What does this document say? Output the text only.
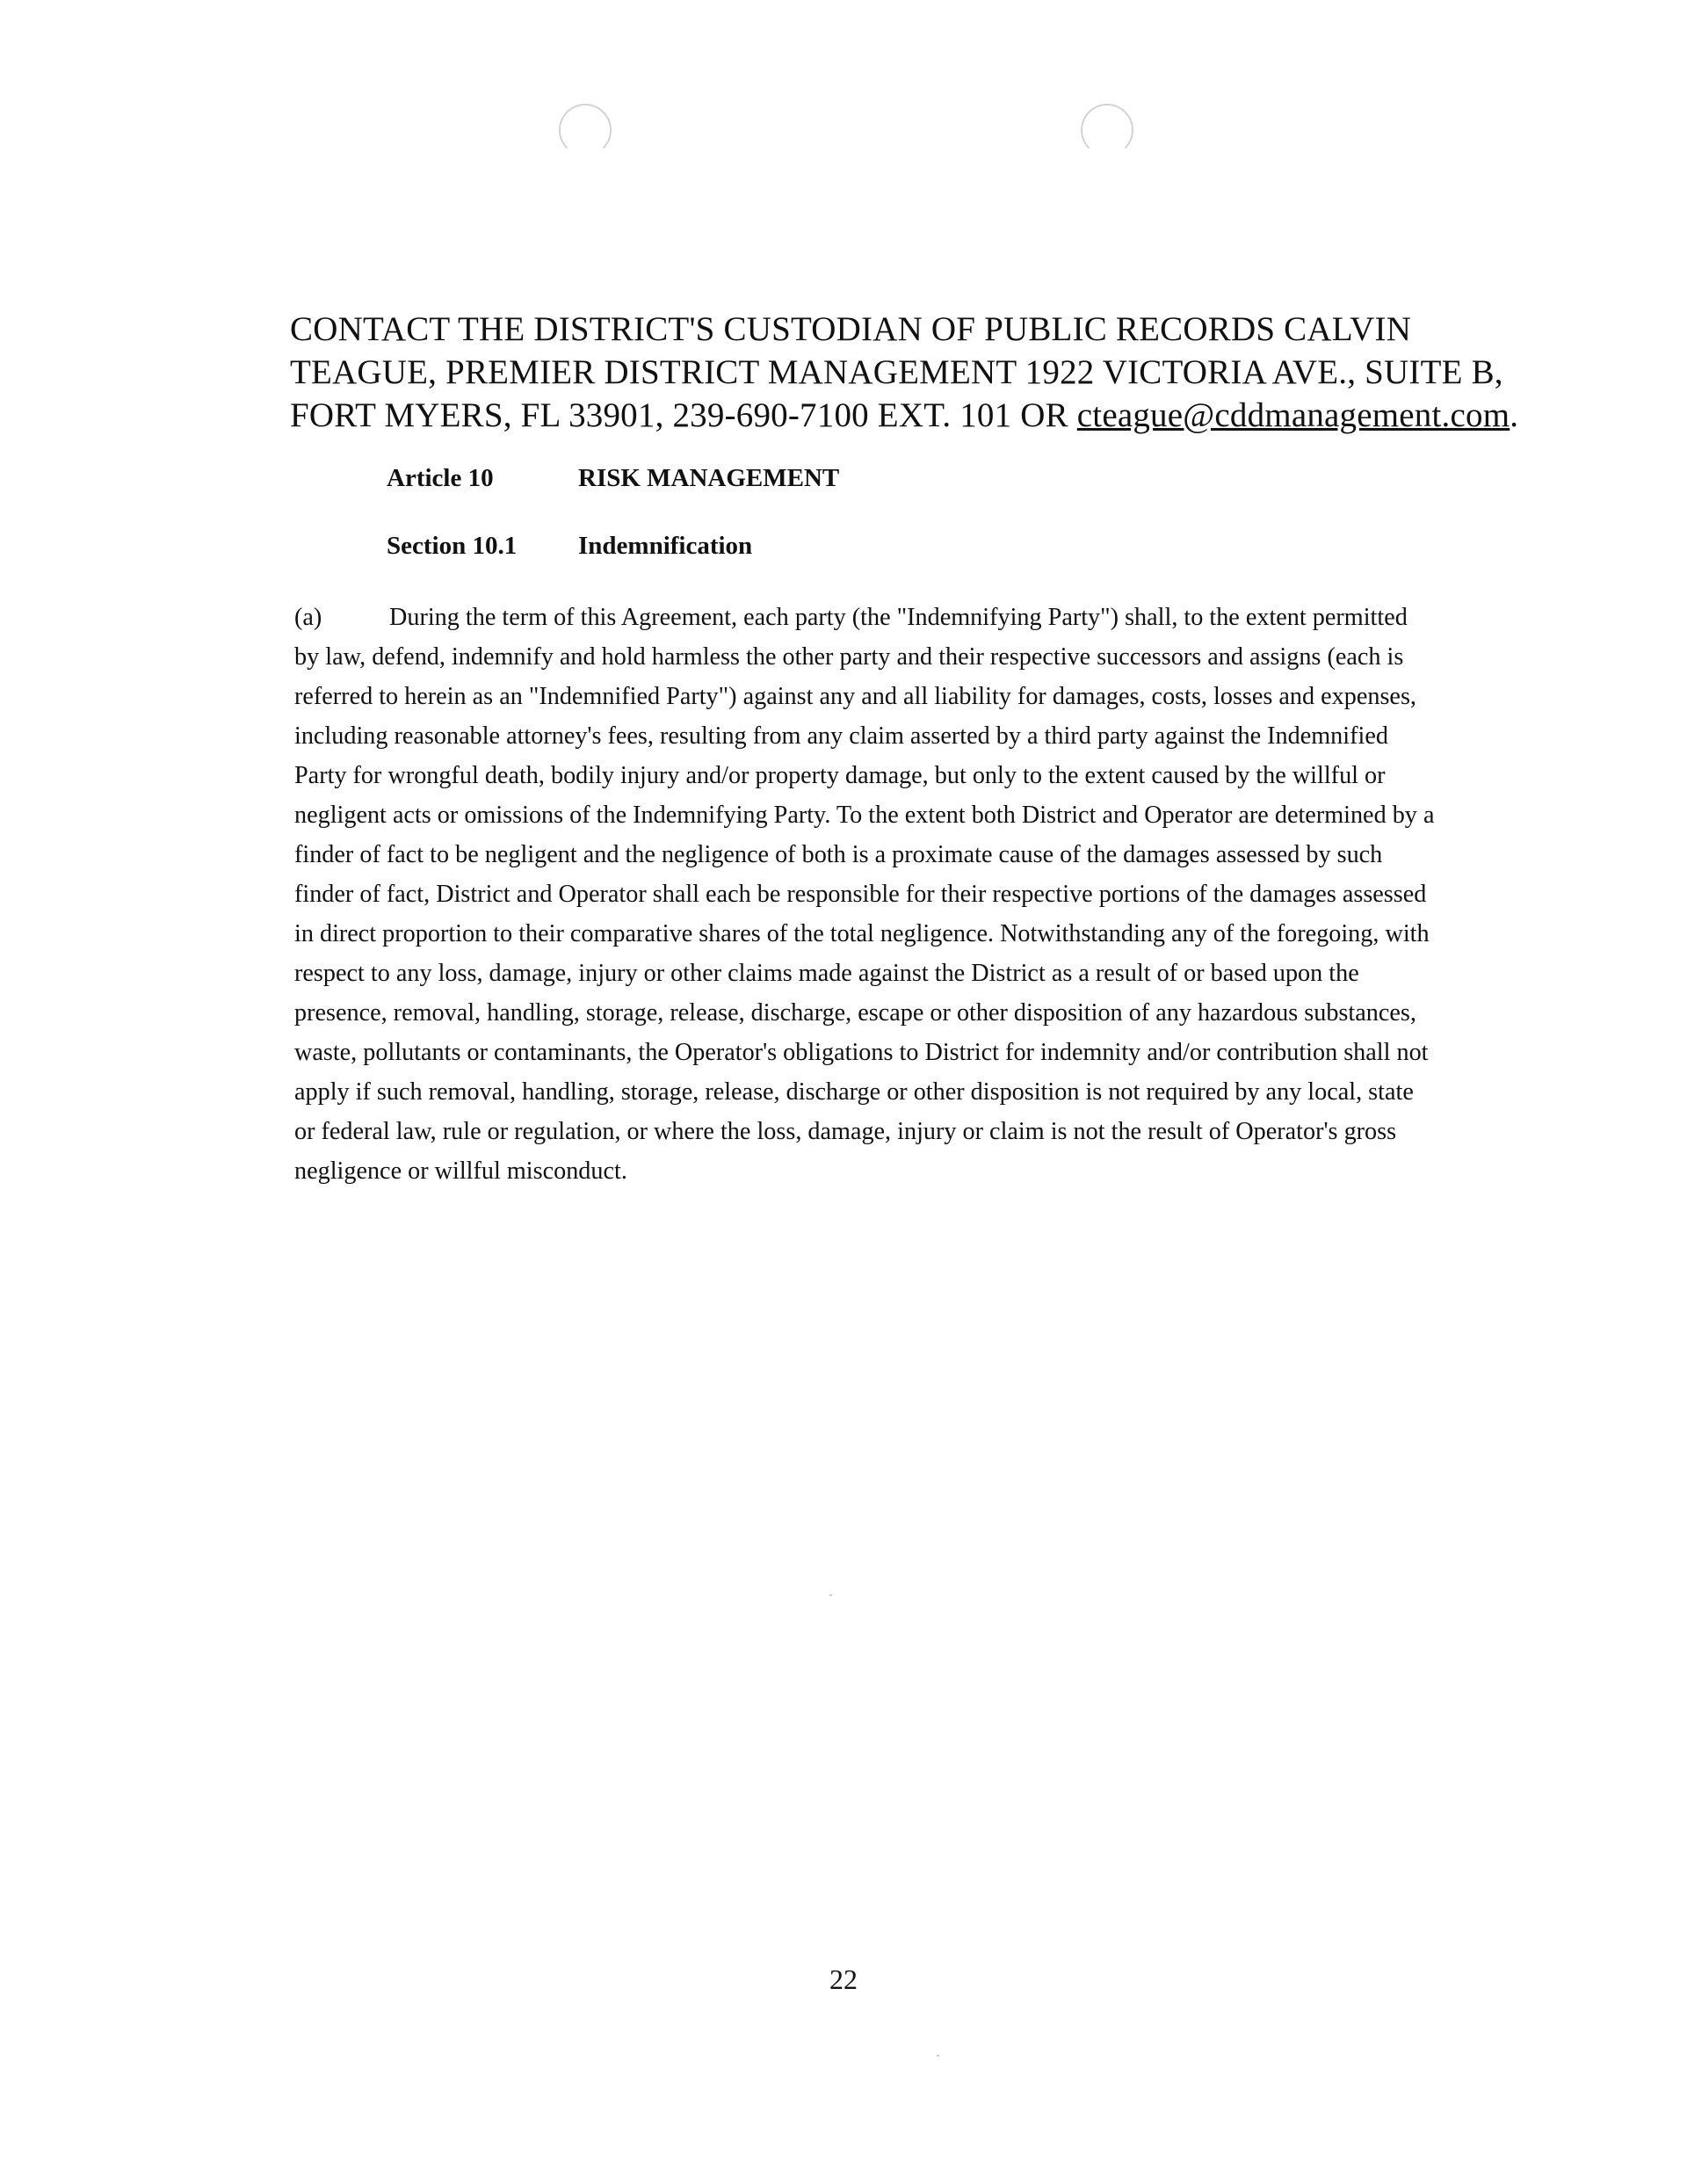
CONTACT THE DISTRICT'S CUSTODIAN OF PUBLIC RECORDS CALVIN TEAGUE, PREMIER DISTRICT MANAGEMENT 1922 VICTORIA AVE., SUITE B, FORT MYERS, FL 33901, 239-690-7100 EXT. 101 OR cteague@cddmanagement.com.
Article 10	RISK MANAGEMENT
Section 10.1 Indemnification
(a)	During the term of this Agreement, each party (the "Indemnifying Party") shall, to the extent permitted by law, defend, indemnify and hold harmless the other party and their respective successors and assigns (each is referred to herein as an "Indemnified Party") against any and all liability for damages, costs, losses and expenses, including reasonable attorney's fees, resulting from any claim asserted by a third party against the Indemnified Party for wrongful death, bodily injury and/or property damage, but only to the extent caused by the willful or negligent acts or omissions of the Indemnifying Party. To the extent both District and Operator are determined by a finder of fact to be negligent and the negligence of both is a proximate cause of the damages assessed by such finder of fact, District and Operator shall each be responsible for their respective portions of the damages assessed in direct proportion to their comparative shares of the total negligence. Notwithstanding any of the foregoing, with respect to any loss, damage, injury or other claims made against the District as a result of or based upon the presence, removal, handling, storage, release, discharge, escape or other disposition of any hazardous substances, waste, pollutants or contaminants, the Operator's obligations to District for indemnity and/or contribution shall not apply if such removal, handling, storage, release, discharge or other disposition is not required by any local, state or federal law, rule or regulation, or where the loss, damage, injury or claim is not the result of Operator's gross negligence or willful misconduct.
22
